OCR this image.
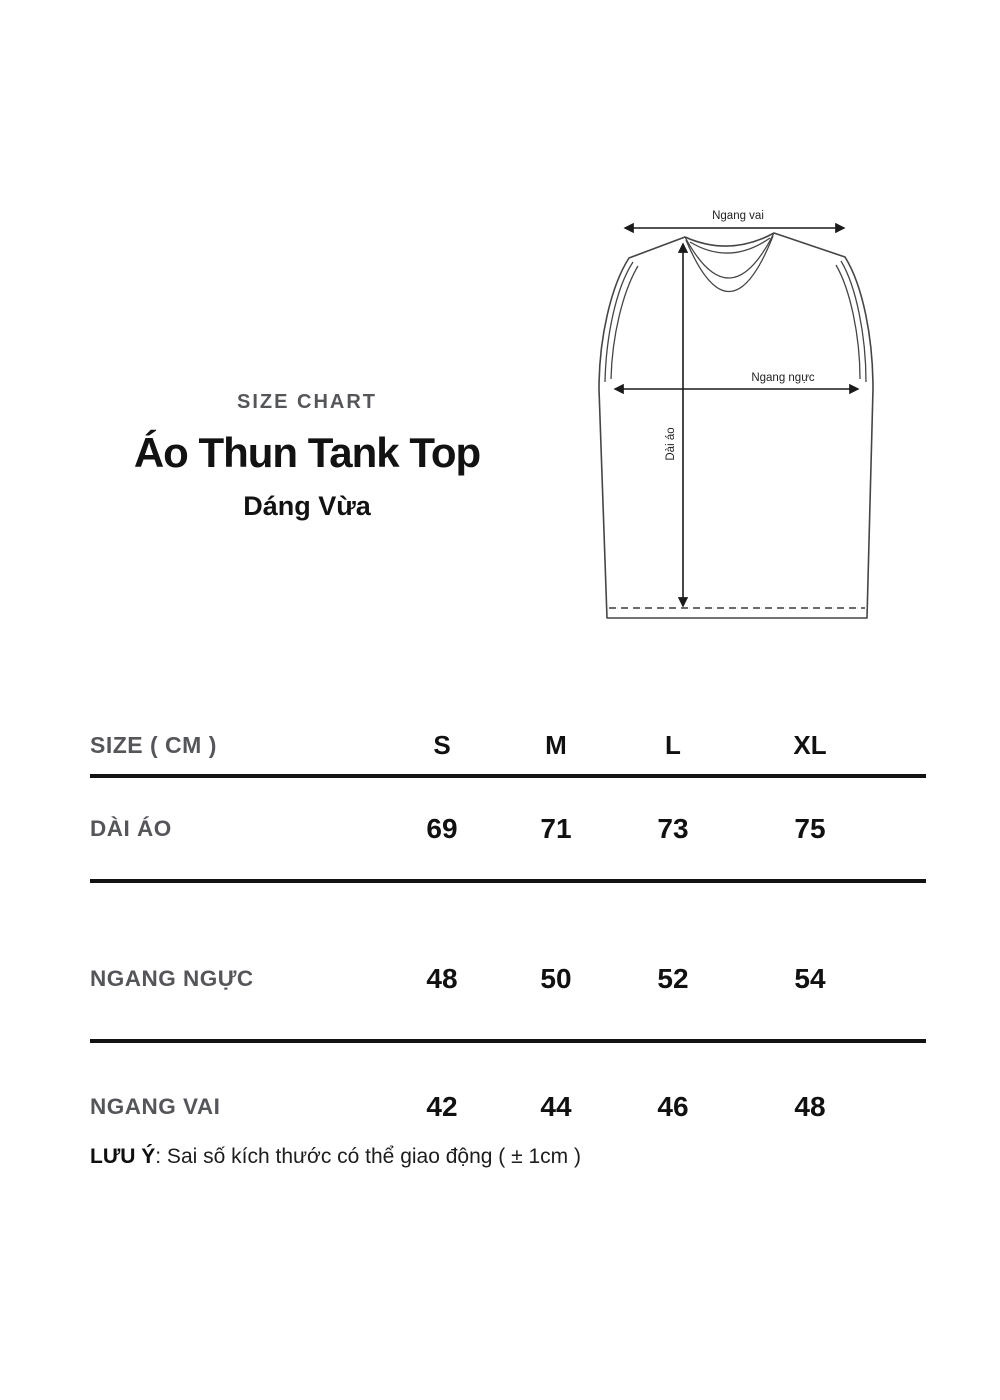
Ngang vai
Ngang ngực
Dài áo
SIZE CHART
Áo Thun Tank Top
Dáng Vừa
SIZE ( CM )	S	M	L	XL
DÀI ÁO	69	71	73	75
NGANG NGỰC	48	50	52	54
NGANG VAI	42	44	46	48

LƯU Ý: Sai số kích thước có thể giao động ( ± 1cm )
